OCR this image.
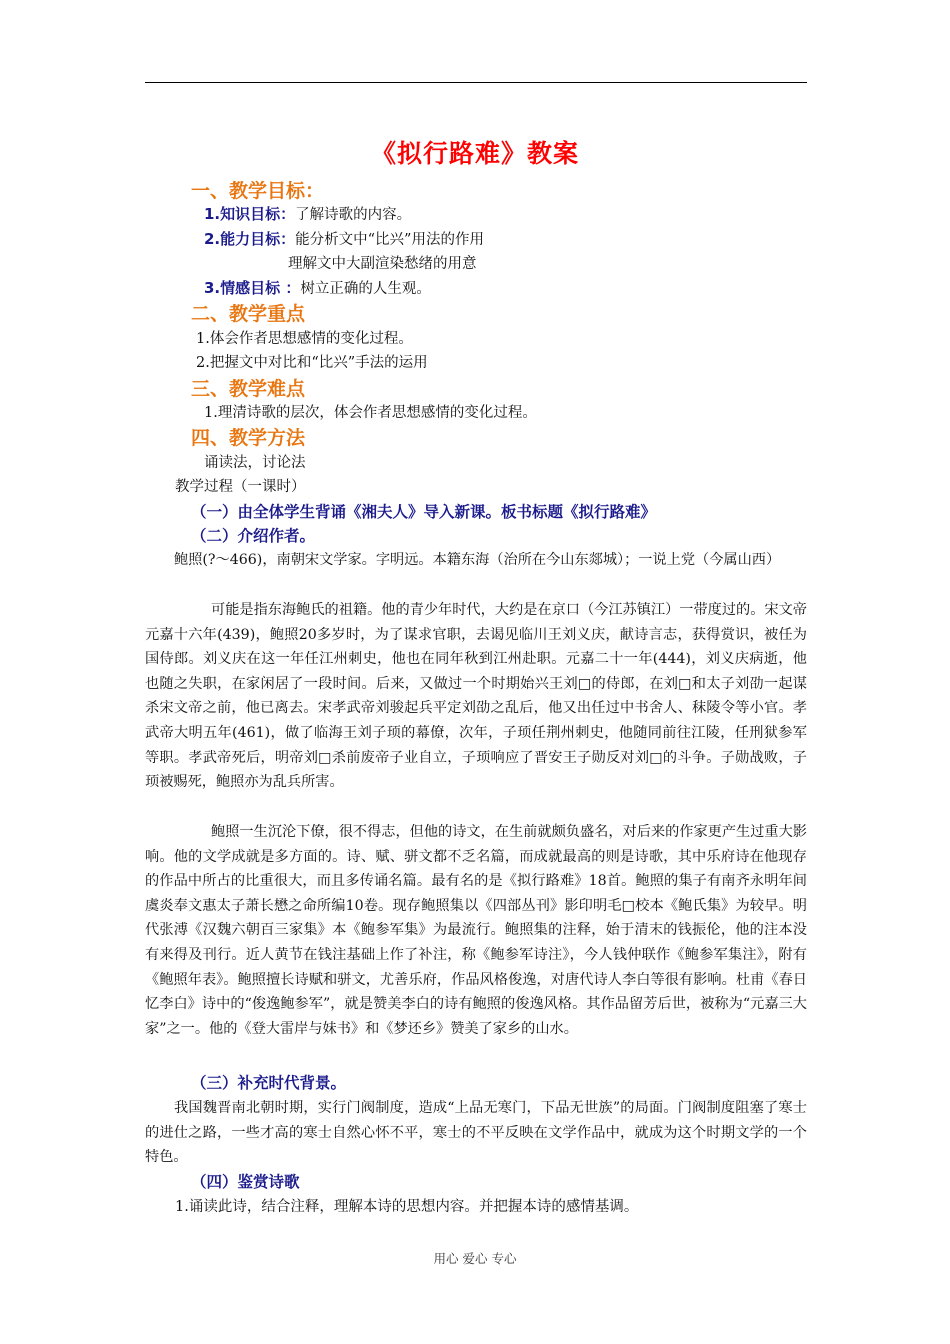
《拟行路难》教案
一、教学目标：
1.知识目标：了解诗歌的内容。
2.能力目标：能分析文中“比兴”用法的作用
理解文中大副渲染愁绪的用意
3.情感目标 ：树立正确的人生观。
二、教学重点
1.体会作者思想感情的变化过程。
2.把握文中对比和“比兴”手法的运用
三、教学难点
1.理清诗歌的层次，体会作者思想感情的变化过程。
四、教学方法
诵读法，讨论法
教学过程（一课时）
（一）由全体学生背诵《湘夫人》导入新课。板书标题《拟行路难》
（二）介绍作者。
鲍照(?～466)，南朝宋文学家。字明远。本籍东海（治所在今山东郯城）；一说上党（今属山西）
可能是指东海鲍氏的祖籍。他的青少年时代，大约是在京口（今江苏镇江）一带度过的。宋文帝元嘉十六年(439)，鲍照20多岁时，为了谋求官职，去谒见临川王刘义庆，献诗言志，获得赏识，被任为国侍郎。刘义庆在这一年任江州刺史，他也在同年秋到江州赴职。元嘉二十一年(444)，刘义庆病逝，他也随之失职，在家闲居了一段时间。后来，又做过一个时期始兴王刘□的侍郎，在刘□和太子刘劭一起谋杀宋文帝之前，他已离去。宋孝武帝刘骏起兵平定刘劭之乱后，他又出任过中书舍人、秣陵令等小官。孝武帝大明五年(461)，做了临海王刘子顼的幕僚，次年，子顼任荆州刺史，他随同前往江陵，任刑狱参军等职。孝武帝死后，明帝刘□杀前废帝子业自立，子顼响应了晋安王子勋反对刘□的斗争。子勋战败，子顼被赐死，鲍照亦为乱兵所害。
鲍照一生沉沦下僚，很不得志，但他的诗文，在生前就颇负盛名，对后来的作家更产生过重大影响。他的文学成就是多方面的。诗、赋、骈文都不乏名篇，而成就最高的则是诗歌，其中乐府诗在他现存的作品中所占的比重很大，而且多传诵名篇。最有名的是《拟行路难》18首。鲍照的集子有南齐永明年间虞炎奉文惠太子萧长懋之命所编10卷。现存鲍照集以《四部丛刊》影印明毛□校本《鲍氏集》为较早。明代张溥《汉魏六朝百三家集》本《鲍参军集》为最流行。鲍照集的注释，始于清末的钱振伦，他的注本没有来得及刊行。近人黄节在钱注基础上作了补注，称《鲍参军诗注》，今人钱仲联作《鲍参军集注》，附有《鲍照年表》。鲍照擅长诗赋和骈文，尤善乐府，作品风格俊逸，对唐代诗人李白等很有影响。杜甫《春日忆李白》诗中的“俊逸鲍参军”，就是赞美李白的诗有鲍照的俊逸风格。其作品留芳后世，被称为“元嘉三大家”之一。他的《登大雷岸与妹书》和《梦还乡》赞美了家乡的山水。
（三）补充时代背景。
我国魏晋南北朝时期，实行门阀制度，造成“上品无寒门，下品无世族”的局面。门阀制度阻塞了寒士的进仕之路，一些才高的寒士自然心怀不平，寒士的不平反映在文学作品中，就成为这个时期文学的一个特色。
（四）鉴赏诗歌
1.诵读此诗，结合注释，理解本诗的思想内容。并把握本诗的感情基调。
用心 爱心 专心
